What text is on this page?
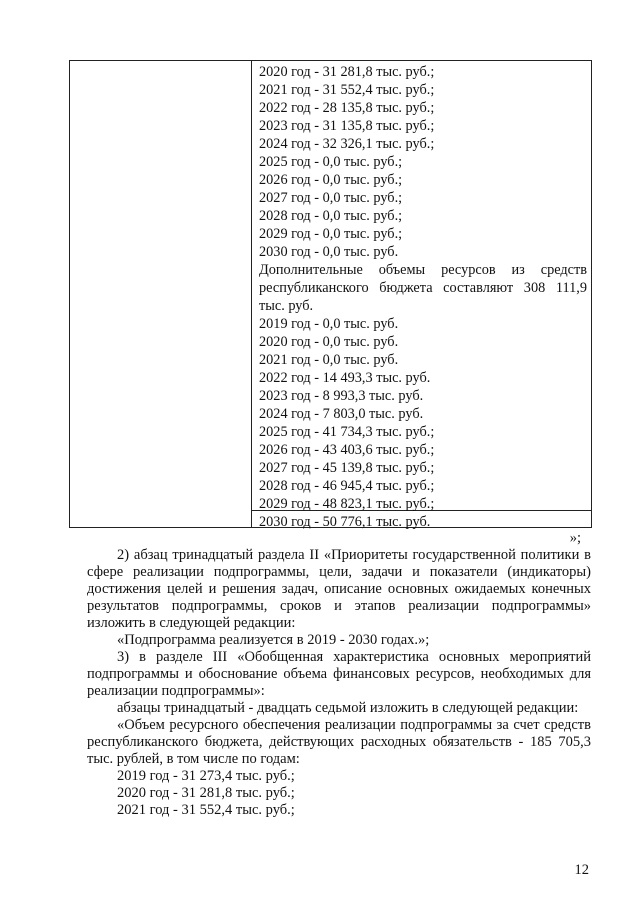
2020 год - 31 281,8 тыс. руб.;
2021 год - 31 552,4 тыс. руб.;
2022 год - 28 135,8 тыс. руб.;
2023 год - 31 135,8 тыс. руб.;
2024 год - 32 326,1 тыс. руб.;
2025 год - 0,0 тыс. руб.;
2026 год - 0,0 тыс. руб.;
2027 год - 0,0 тыс. руб.;
2028 год - 0,0 тыс. руб.;
2029 год - 0,0 тыс. руб.;
2030 год - 0,0 тыс. руб.
Дополнительные объемы ресурсов из средств республиканского бюджета составляют 308 111,9 тыс. руб.
2019 год - 0,0 тыс. руб.
2020 год - 0,0 тыс. руб.
2021 год - 0,0 тыс. руб.
2022 год - 14 493,3 тыс. руб.
2023 год - 8 993,3 тыс. руб.
2024 год - 7 803,0 тыс. руб.
2025 год - 41 734,3 тыс. руб.;
2026 год - 43 403,6 тыс. руб.;
2027 год - 45 139,8 тыс. руб.;
2028 год - 46 945,4 тыс. руб.;
2029 год - 48 823,1 тыс. руб.;
2030 год - 50 776,1 тыс. руб.
»;

2) абзац тринадцатый раздела II «Приоритеты государственной политики в сфере реализации подпрограммы, цели, задачи и показатели (индикаторы) достижения целей и решения задач, описание основных ожидаемых конечных результатов подпрограммы, сроков и этапов реализации подпрограммы» изложить в следующей редакции:

«Подпрограмма реализуется в 2019 - 2030 годах.»;

3) в разделе III «Обобщенная характеристика основных мероприятий подпрограммы и обоснование объема финансовых ресурсов, необходимых для реализации подпрограммы»:

абзацы тринадцатый - двадцать седьмой изложить в следующей редакции:

«Объем ресурсного обеспечения реализации подпрограммы за счет средств республиканского бюджета, действующих расходных обязательств - 185 705,3 тыс. рублей, в том числе по годам:

2019 год - 31 273,4 тыс. руб.;
2020 год - 31 281,8 тыс. руб.;
2021 год - 31 552,4 тыс. руб.;
12
